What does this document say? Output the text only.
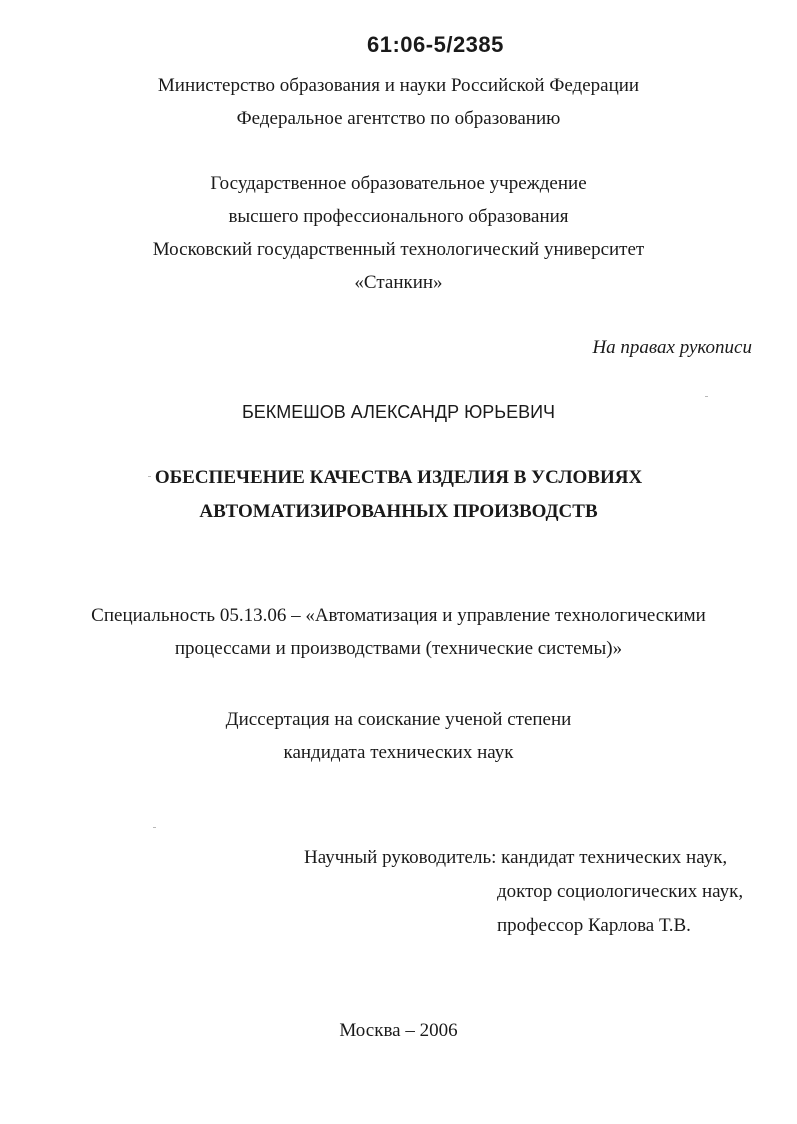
61:06-5/2385
Министерство образования и науки Российской Федерации
Федеральное агентство по образованию
Государственное образовательное учреждение
высшего профессионального образования
Московский государственный технологический университет
«Станкин»
На правах рукописи
БЕКМЕШОВ АЛЕКСАНДР ЮРЬЕВИЧ
ОБЕСПЕЧЕНИЕ КАЧЕСТВА ИЗДЕЛИЯ В УСЛОВИЯХ
АВТОМАТИЗИРОВАННЫХ ПРОИЗВОДСТВ
Специальность 05.13.06 – «Автоматизация и управление технологическими
процессами и производствами (технические системы)»
Диссертация на соискание ученой степени
кандидата технических наук
Научный руководитель: кандидат технических наук,
доктор социологических наук,
профессор Карлова Т.В.
Москва – 2006
